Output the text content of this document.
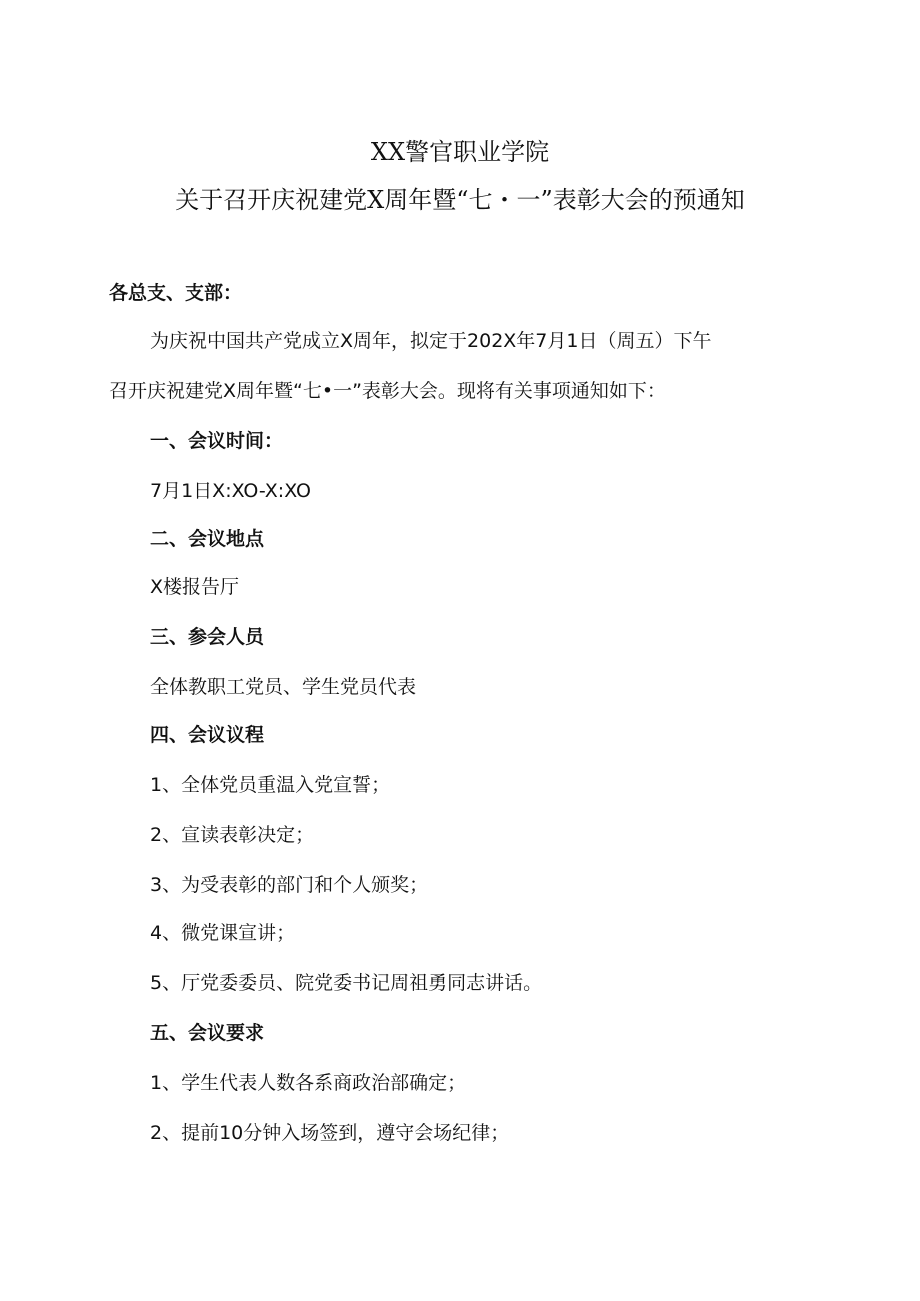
XX警官职业学院
关于召开庆祝建党X周年暨“七・一”表彰大会的预通知
各总支、支部：
为庆祝中国共产党成立X周年，拟定于202X年7月1日（周五）下午
召开庆祝建党X周年暨“七•一”表彰大会。现将有关事项通知如下：
一、会议时间：
7月1日X:XO-X:XO
二、会议地点
X楼报告厅
三、参会人员
全体教职工党员、学生党员代表
四、会议议程
1、全体党员重温入党宣誓；
2、宣读表彰决定；
3、为受表彰的部门和个人颁奖；
4、微党课宣讲；
5、厅党委委员、院党委书记周祖勇同志讲话。
五、会议要求
1、学生代表人数各系商政治部确定；
2、提前10分钟入场签到，遵守会场纪律；
